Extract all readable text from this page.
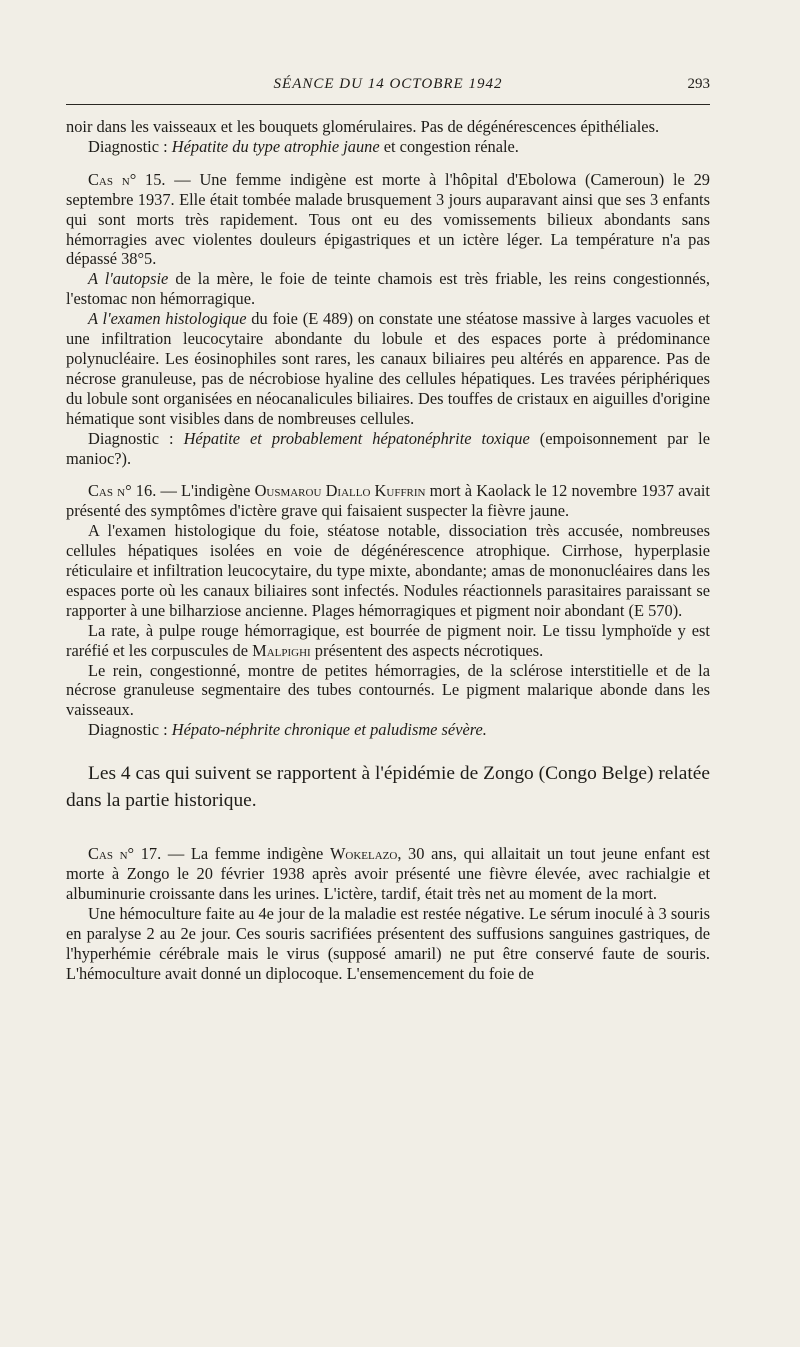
SÉANCE DU 14 OCTOBRE 1942	293

noir dans les vaisseaux et les bouquets glomérulaires. Pas de dégénérescences épithéliales.

Diagnostic : Hépatite du type atrophie jaune et congestion rénale.

Cas n° 15. — Une femme indigène est morte à l'hôpital d'Ebolowa (Cameroun) le 29 septembre 1937. Elle était tombée malade brusquement 3 jours auparavant ainsi que ses 3 enfants qui sont morts très rapidement. Tous ont eu des vomissements bilieux abondants sans hémorragies avec violentes douleurs épigastriques et un ictère léger. La température n'a pas dépassé 38°5.

A l'autopsie de la mère, le foie de teinte chamois est très friable, les reins congestionnés, l'estomac non hémorragique.

A l'examen histologique du foie (E 489) on constate une stéatose massive à larges vacuoles et une infiltration leucocytaire abondante du lobule et des espaces porte à prédominance polynucléaire. Les éosinophiles sont rares, les canaux biliaires peu altérés en apparence. Pas de nécrose granuleuse, pas de nécrobiose hyaline des cellules hépatiques. Les travées périphériques du lobule sont organisées en néocanalicules biliaires. Des touffes de cristaux en aiguilles d'origine hématique sont visibles dans de nombreuses cellules.

Diagnostic : Hépatite et probablement hépatonéphrite toxique (empoisonnement par le manioc?).

Cas n° 16. — L'indigène Ousmarou Diallo Kuffrin mort à Kaolack le 12 novembre 1937 avait présenté des symptômes d'ictère grave qui faisaient suspecter la fièvre jaune.

A l'examen histologique du foie, stéatose notable, dissociation très accusée, nombreuses cellules hépatiques isolées en voie de dégénérescence atrophique. Cirrhose, hyperplasie réticulaire et infiltration leucocytaire, du type mixte, abondante; amas de mononucléaires dans les espaces porte où les canaux biliaires sont infectés. Nodules réactionnels parasitaires paraissant se rapporter à une bilharziose ancienne. Plages hémorragiques et pigment noir abondant (E 570).

La rate, à pulpe rouge hémorragique, est bourrée de pigment noir. Le tissu lymphoïde y est raréfié et les corpuscules de Malpighi présentent des aspects nécrotiques.

Le rein, congestionné, montre de petites hémorragies, de la sclérose interstitielle et de la nécrose granuleuse segmentaire des tubes contournés. Le pigment malarique abonde dans les vaisseaux.

Diagnostic : Hépato-néphrite chronique et paludisme sévère.

Les 4 cas qui suivent se rapportent à l'épidémie de Zongo (Congo Belge) relatée dans la partie historique.

Cas n° 17. — La femme indigène Wokelazo, 30 ans, qui allaitait un tout jeune enfant est morte à Zongo le 20 février 1938 après avoir présenté une fièvre élevée, avec rachialgie et albuminurie croissante dans les urines. L'ictère, tardif, était très net au moment de la mort.

Une hémoculture faite au 4e jour de la maladie est restée négative. Le sérum inoculé à 3 souris en paralyse 2 au 2e jour. Ces souris sacrifiées présentent des suffusions sanguines gastriques, de l'hyperhémie cérébrale mais le virus (supposé amaril) ne put être conservé faute de souris. L'hémoculture avait donné un diplocoque. L'ensemencement du foie de
